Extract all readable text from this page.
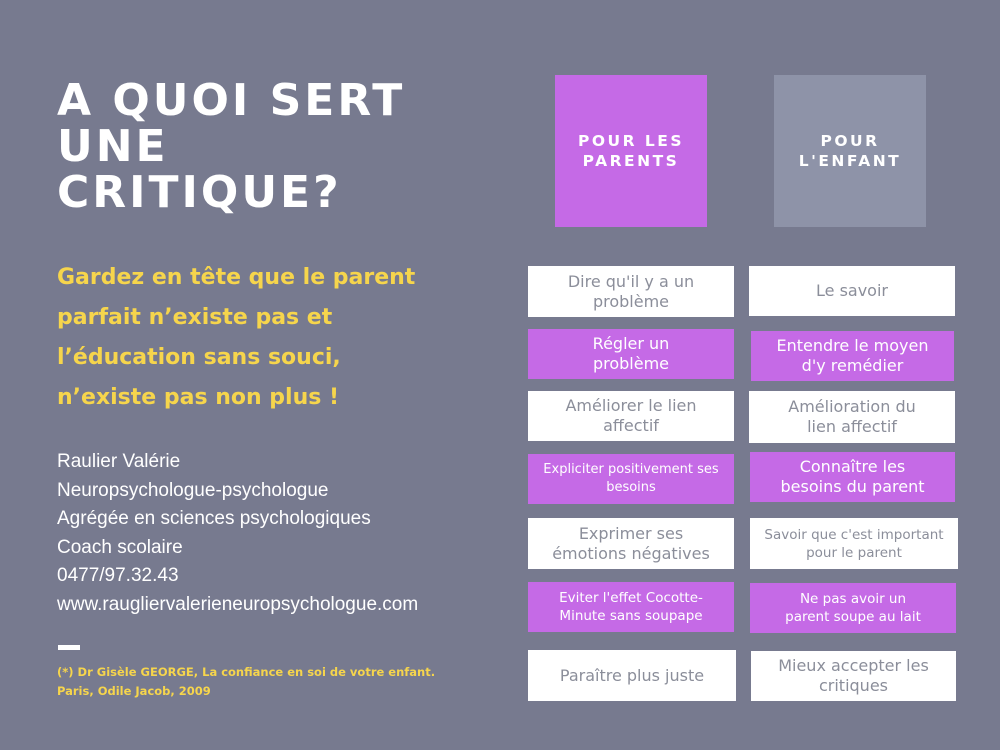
A QUOI SERT
UNE
CRITIQUE?

Gardez en tête que le parent
parfait n’existe pas et
l’éducation sans souci,
n’existe pas non plus !

Raulier Valérie
Neuropsychologue-psychologue
Agrégée en sciences psychologiques
Coach scolaire
0477/97.32.43
www.raugliervalerieneuropsychologue.com
(*) Dr Gisèle GEORGE, La confiance en soi de votre enfant.
Paris, Odile Jacob, 2009
POUR LES
PARENTS
POUR
L'ENFANT
Dire qu'il y a un
problème
Le savoir
Régler un
problème
Entendre le moyen
d'y remédier
Améliorer le lien
affectif
Amélioration du
lien affectif
Expliciter positivement ses
besoins
Connaître les
besoins du parent
Exprimer ses
émotions négatives
Savoir que c'est important
pour le parent
Eviter l'effet Cocotte-
Minute sans soupape
Ne pas avoir un
parent soupe au lait
Paraître plus juste	Mieux accepter les
critiques
